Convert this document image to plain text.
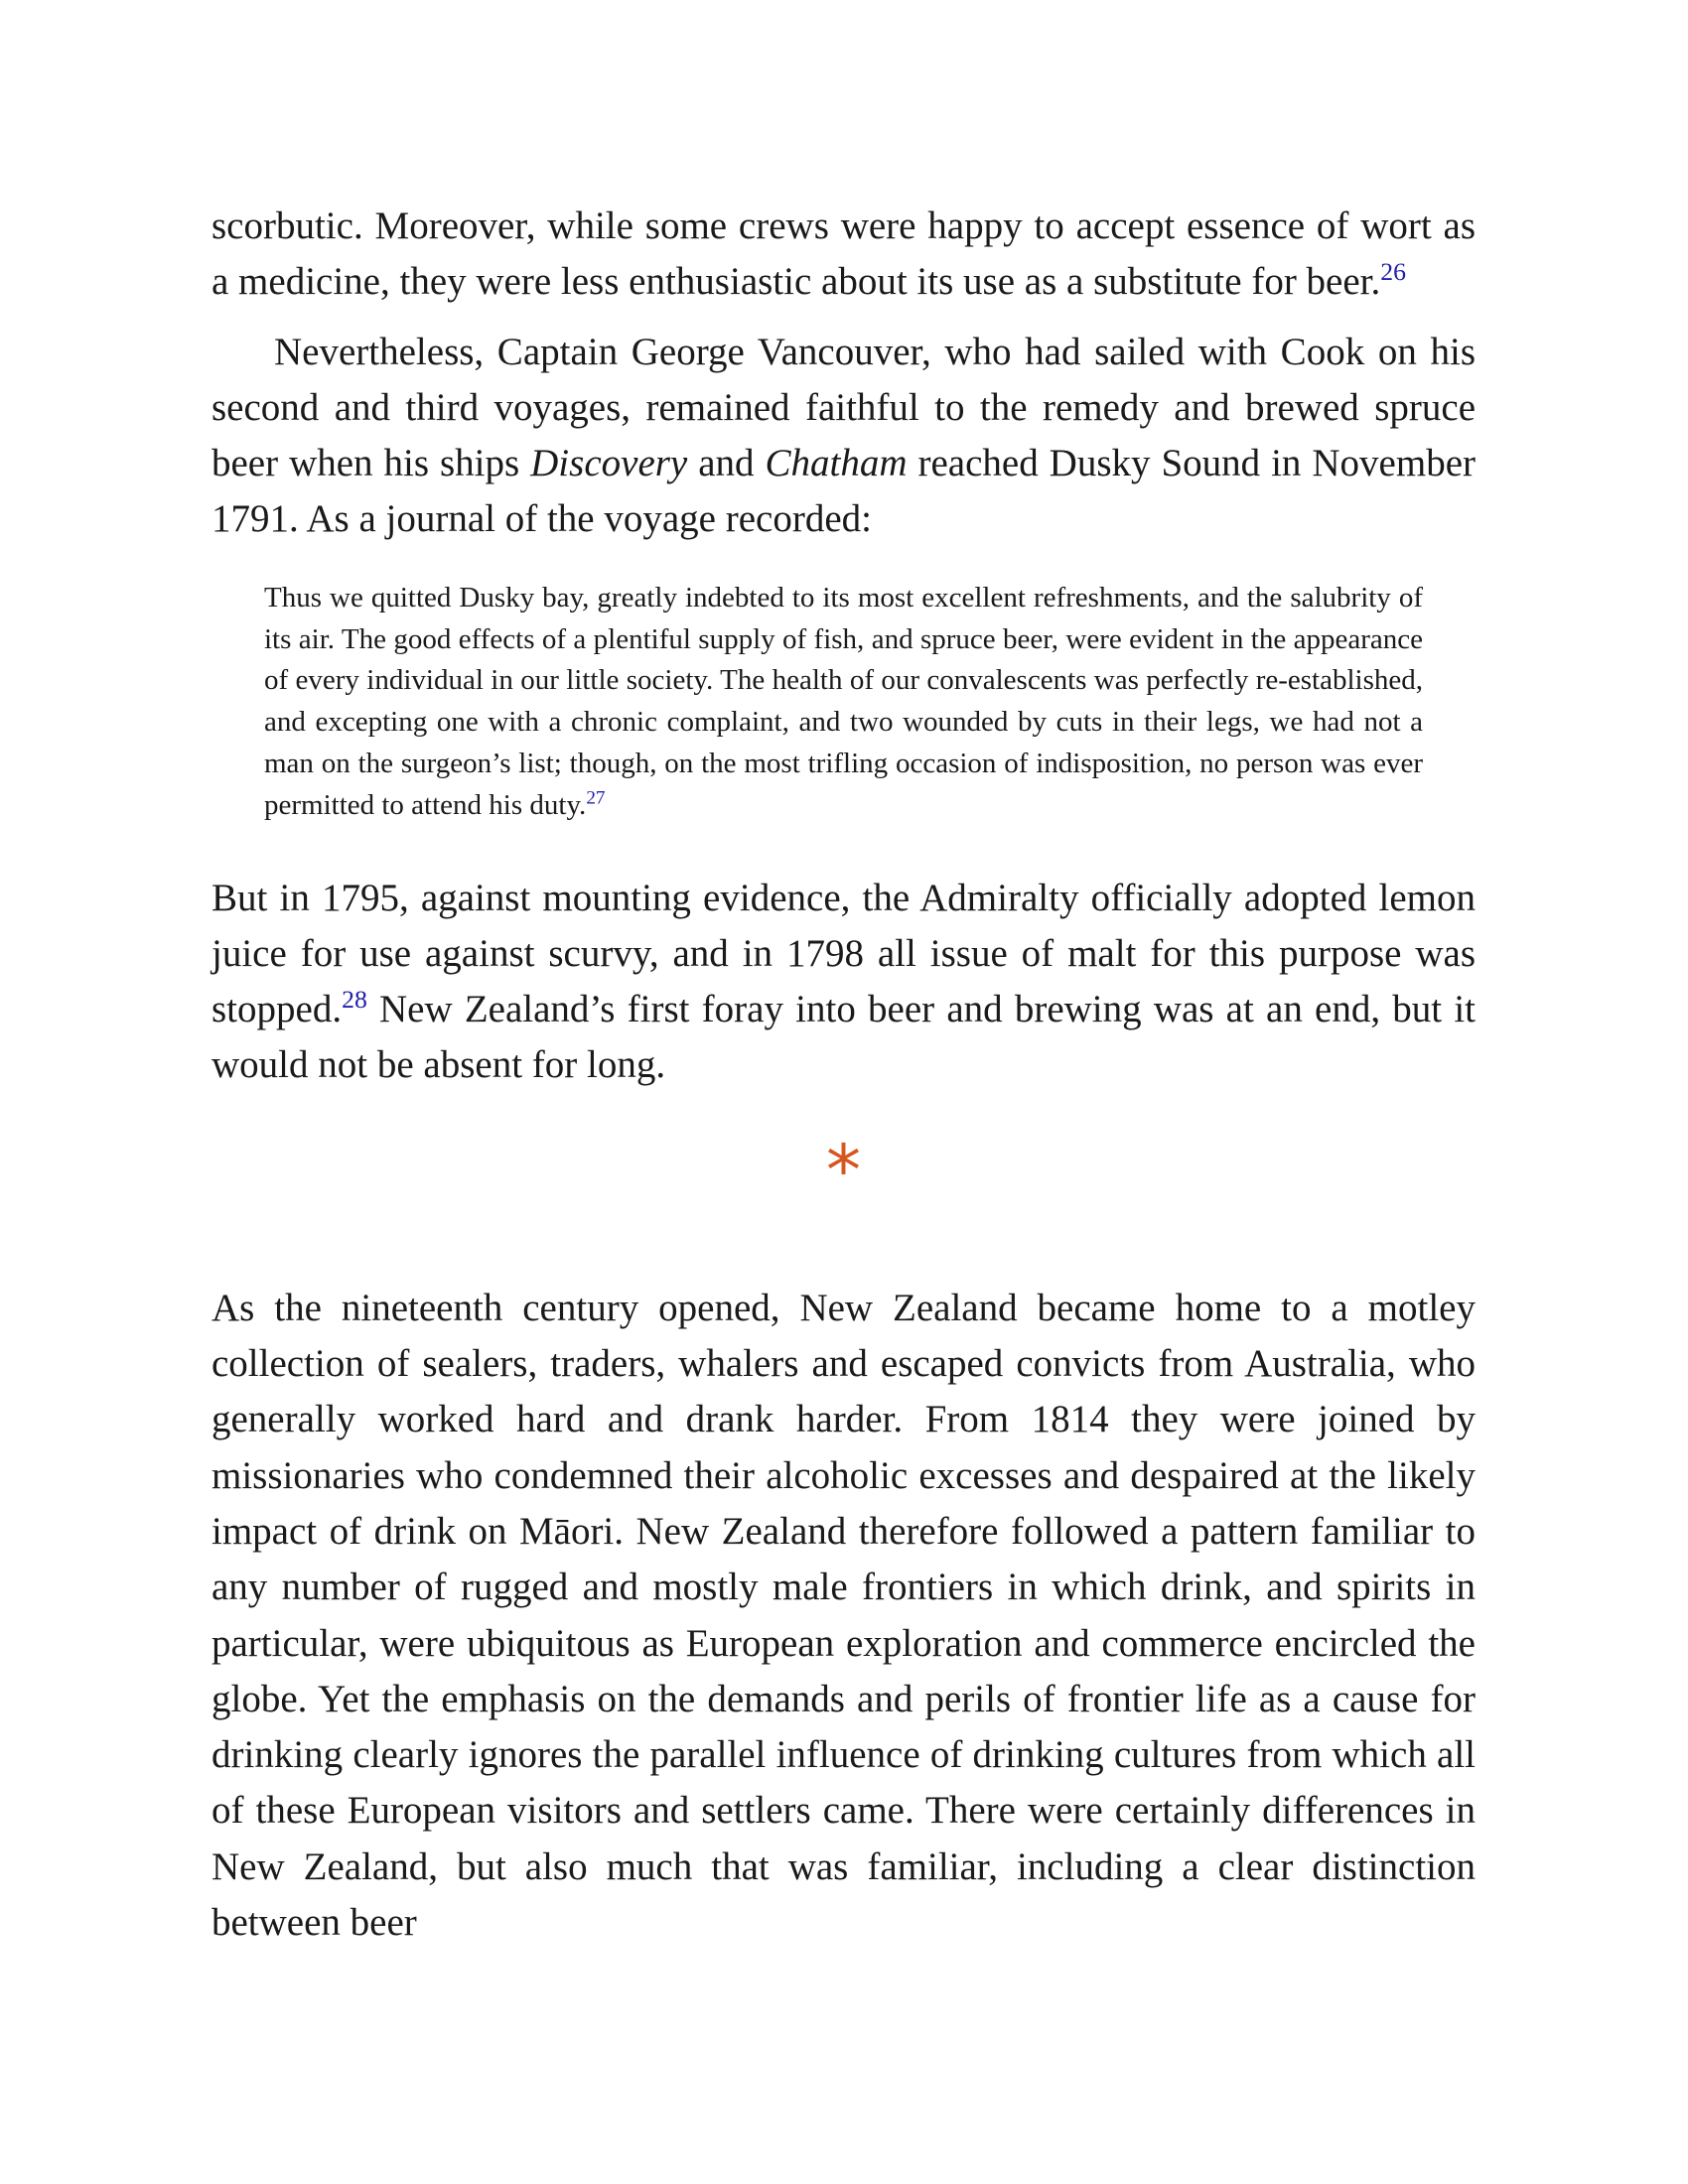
scorbutic. Moreover, while some crews were happy to accept essence of wort as a medicine, they were less enthusiastic about its use as a substitute for beer.$^{26}$

Nevertheless, Captain George Vancouver, who had sailed with Cook on his second and third voyages, remained faithful to the remedy and brewed spruce beer when his ships Discovery and Chatham reached Dusky Sound in November 1791. As a journal of the voyage recorded:

Thus we quitted Dusky bay, greatly indebted to its most excellent refreshments, and the salubrity of its air. The good effects of a plentiful supply of fish, and spruce beer, were evident in the appearance of every individual in our little society. The health of our convalescents was perfectly re-established, and excepting one with a chronic complaint, and two wounded by cuts in their legs, we had not a man on the surgeon’s list; though, on the most trifling occasion of indisposition, no person was ever permitted to attend his duty.$^{27}$

But in 1795, against mounting evidence, the Admiralty officially adopted lemon juice for use against scurvy, and in 1798 all issue of malt for this purpose was stopped.$^{28}$ New Zealand’s first foray into beer and brewing was at an end, but it would not be absent for long.

*

As the nineteenth century opened, New Zealand became home to a motley collection of sealers, traders, whalers and escaped convicts from Australia, who generally worked hard and drank harder. From 1814 they were joined by missionaries who condemned their alcoholic excesses and despaired at the likely impact of drink on Māori. New Zealand therefore followed a pattern familiar to any number of rugged and mostly male frontiers in which drink, and spirits in particular, were ubiquitous as European exploration and commerce encircled the globe. Yet the emphasis on the demands and perils of frontier life as a cause for drinking clearly ignores the parallel influence of drinking cultures from which all of these European visitors and settlers came. There were certainly differences in New Zealand, but also much that was familiar, including a clear distinction between beer
